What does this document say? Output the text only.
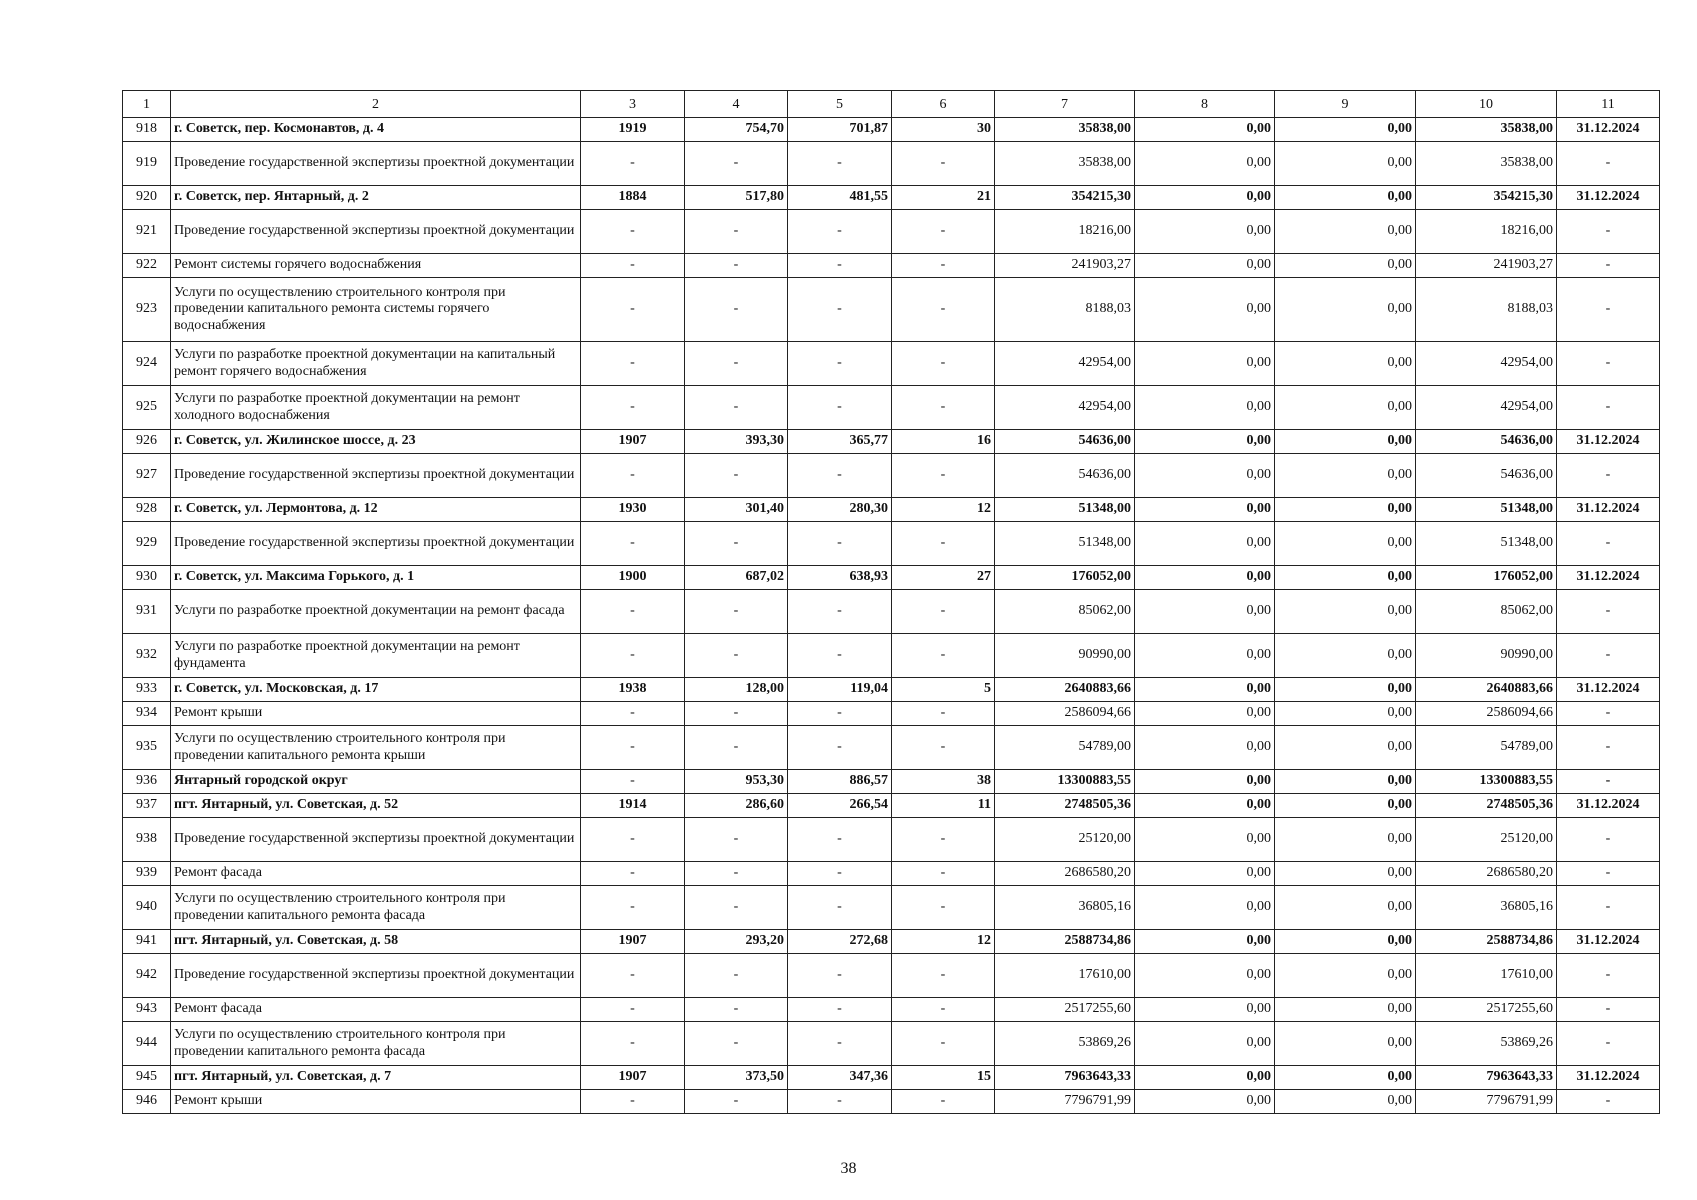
1	2	3	4	5	6	7	8	9	10	11
918	г. Советск, пер. Космонавтов, д. 4	1919	754,70	701,87	30	35838,00	0,00	0,00	35838,00	31.12.2024
919	Проведение государственной экспертизы проектной документации	-	-	-	-	35838,00	0,00	0,00	35838,00	-
920	г. Советск, пер. Янтарный, д. 2	1884	517,80	481,55	21	354215,30	0,00	0,00	354215,30	31.12.2024
921	Проведение государственной экспертизы проектной документации	-	-	-	-	18216,00	0,00	0,00	18216,00	-
922	Ремонт системы горячего водоснабжения	-	-	-	-	241903,27	0,00	0,00	241903,27	-
923	Услуги по осуществлению строительного контроля при проведении капитального ремонта системы горячего водоснабжения	-	-	-	-	8188,03	0,00	0,00	8188,03	-
924	Услуги по разработке проектной документации на капитальный ремонт горячего водоснабжения	-	-	-	-	42954,00	0,00	0,00	42954,00	-
925	Услуги по разработке проектной документации на ремонт холодного водоснабжения	-	-	-	-	42954,00	0,00	0,00	42954,00	-
926	г. Советск, ул. Жилинское шоссе, д. 23	1907	393,30	365,77	16	54636,00	0,00	0,00	54636,00	31.12.2024
927	Проведение государственной экспертизы проектной документации	-	-	-	-	54636,00	0,00	0,00	54636,00	-
928	г. Советск, ул. Лермонтова, д. 12	1930	301,40	280,30	12	51348,00	0,00	0,00	51348,00	31.12.2024
929	Проведение государственной экспертизы проектной документации	-	-	-	-	51348,00	0,00	0,00	51348,00	-
930	г. Советск, ул. Максима Горького, д. 1	1900	687,02	638,93	27	176052,00	0,00	0,00	176052,00	31.12.2024
931	Услуги по разработке проектной документации на ремонт фасада	-	-	-	-	85062,00	0,00	0,00	85062,00	-
932	Услуги по разработке проектной документации на ремонт фундамента	-	-	-	-	90990,00	0,00	0,00	90990,00	-
933	г. Советск, ул. Московская, д. 17	1938	128,00	119,04	5	2640883,66	0,00	0,00	2640883,66	31.12.2024
934	Ремонт крыши	-	-	-	-	2586094,66	0,00	0,00	2586094,66	-
935	Услуги по осуществлению строительного контроля при проведении капитального ремонта крыши	-	-	-	-	54789,00	0,00	0,00	54789,00	-
936	Янтарный городской округ	-	953,30	886,57	38	13300883,55	0,00	0,00	13300883,55	-
937	пгт. Янтарный, ул. Советская, д. 52	1914	286,60	266,54	11	2748505,36	0,00	0,00	2748505,36	31.12.2024
938	Проведение государственной экспертизы проектной документации	-	-	-	-	25120,00	0,00	0,00	25120,00	-
939	Ремонт фасада	-	-	-	-	2686580,20	0,00	0,00	2686580,20	-
940	Услуги по осуществлению строительного контроля при проведении капитального ремонта фасада	-	-	-	-	36805,16	0,00	0,00	36805,16	-
941	пгт. Янтарный, ул. Советская, д. 58	1907	293,20	272,68	12	2588734,86	0,00	0,00	2588734,86	31.12.2024
942	Проведение государственной экспертизы проектной документации	-	-	-	-	17610,00	0,00	0,00	17610,00	-
943	Ремонт фасада	-	-	-	-	2517255,60	0,00	0,00	2517255,60	-
944	Услуги по осуществлению строительного контроля при проведении капитального ремонта фасада	-	-	-	-	53869,26	0,00	0,00	53869,26	-
945	пгт. Янтарный, ул. Советская, д. 7	1907	373,50	347,36	15	7963643,33	0,00	0,00	7963643,33	31.12.2024
946	Ремонт крыши	-	-	-	-	7796791,99	0,00	0,00	7796791,99	-
38
